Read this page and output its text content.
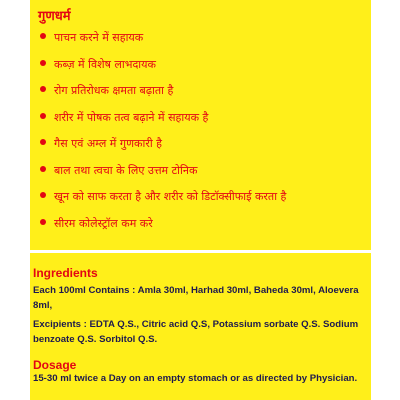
गुणधर्म
पाचन करने में सहायक
कब्ज़ में विशेष लाभदायक
रोग प्रतिरोधक क्षमता बढ़ाता है
शरीर में पोषक तत्व बढ़ाने में सहायक है
गैस एवं अम्ल में गुणकारी है
बाल तथा त्वचा के लिए उत्तम टोनिक
खून को साफ करता है और शरीर को डिटॉक्सीफाई करता है
सीरम कोलेस्ट्रॉल कम करे
Ingredients

Each 100ml Contains : Amla 30ml, Harhad 30ml, Baheda 30ml, Aloevera 8ml,

Excipients : EDTA Q.S., Citric acid Q.S, Potassium sorbate Q.S. Sodium benzoate Q.S. Sorbitol Q.S.

Dosage

15-30 ml twice a Day on an empty stomach or as directed by Physician.
